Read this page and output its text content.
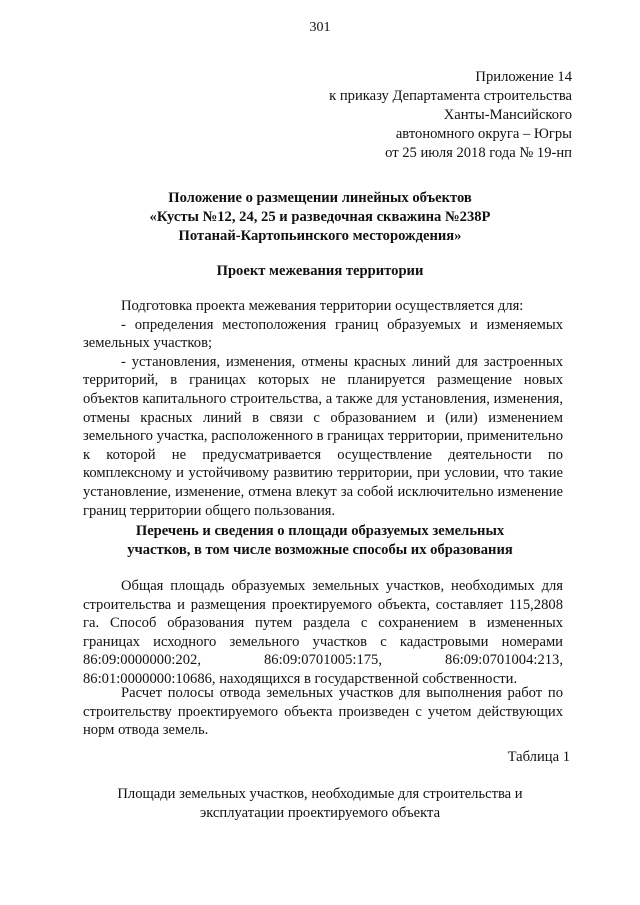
301
Приложение 14
к приказу Департамента строительства
Ханты-Мансийского
автономного округа – Югры
от 25 июля 2018 года № 19-нп
Положение о размещении линейных объектов
«Кусты №12, 24, 25 и разведочная скважина №238Р
Потанай-Картопьинского месторождения»
Проект межевания территории

Подготовка проекта межевания территории осуществляется для:

- определения местоположения границ образуемых и изменяемых земельных участков;

- установления, изменения, отмены красных линий для застроенных территорий, в границах которых не планируется размещение новых объектов капитального строительства, а также для установления, изменения, отмены красных линий в связи с образованием и (или) изменением земельного участка, расположенного в границах территории, применительно к которой не предусматривается осуществление деятельности по комплексному и устойчивому развитию территории, при условии, что такие установление, изменение, отмена влекут за собой исключительно изменение границ территории общего пользования.

Перечень и сведения о площади образуемых земельных
участков, в том числе возможные способы их образования

Общая площадь образуемых земельных участков, необходимых для строительства и размещения проектируемого объекта, составляет 115,2808 га. Способ образования путем раздела с сохранением в измененных границах исходного земельного участков с кадастровыми номерами 86:09:0000000:202, 86:09:0701005:175, 86:09:0701004:213, 86:01:0000000:10686, находящихся в государственной собственности.

Расчет полосы отвода земельных участков для выполнения работ по строительству проектируемого объекта произведен с учетом действующих норм отвода земель.

Таблица 1
Площади земельных участков, необходимые для строительства и
эксплуатации проектируемого объекта
